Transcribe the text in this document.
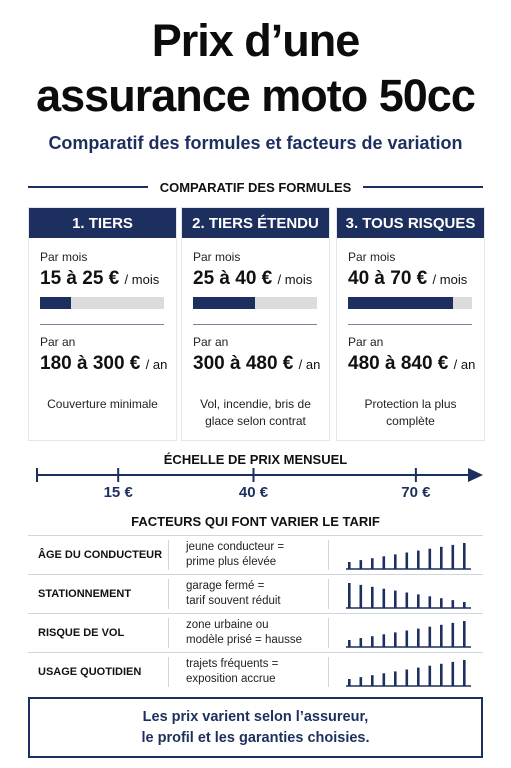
Prix d’une
assurance moto 50cc
Comparatif des formules et facteurs de variation
COMPARATIF DES FORMULES
1. TIERS
Par mois
15 à 25 € / mois
Par an
180 à 300 € / an
Couverture minimale
2. TIERS ÉTENDU
Par mois
25 à 40 € / mois
Par an
300 à 480 € / an
Vol, incendie, bris de glace selon contrat
3. TOUS RISQUES
Par mois
40 à 70 € / mois
Par an
480 à 840 € / an
Protection la plus complète
ÉCHELLE DE PRIX MENSUEL
15 €	40 €	70 €
FACTEURS QUI FONT VARIER LE TARIF
ÂGE DU CONDUCTEUR
jeune conducteur =
prime plus élevée
STATIONNEMENT
garage fermé =
tarif souvent réduit
RISQUE DE VOL
zone urbaine ou
modèle prisé = hausse
USAGE QUOTIDIEN
trajets fréquents =
exposition accrue
Les prix varient selon l’assureur,
le profil et les garanties choisies.
